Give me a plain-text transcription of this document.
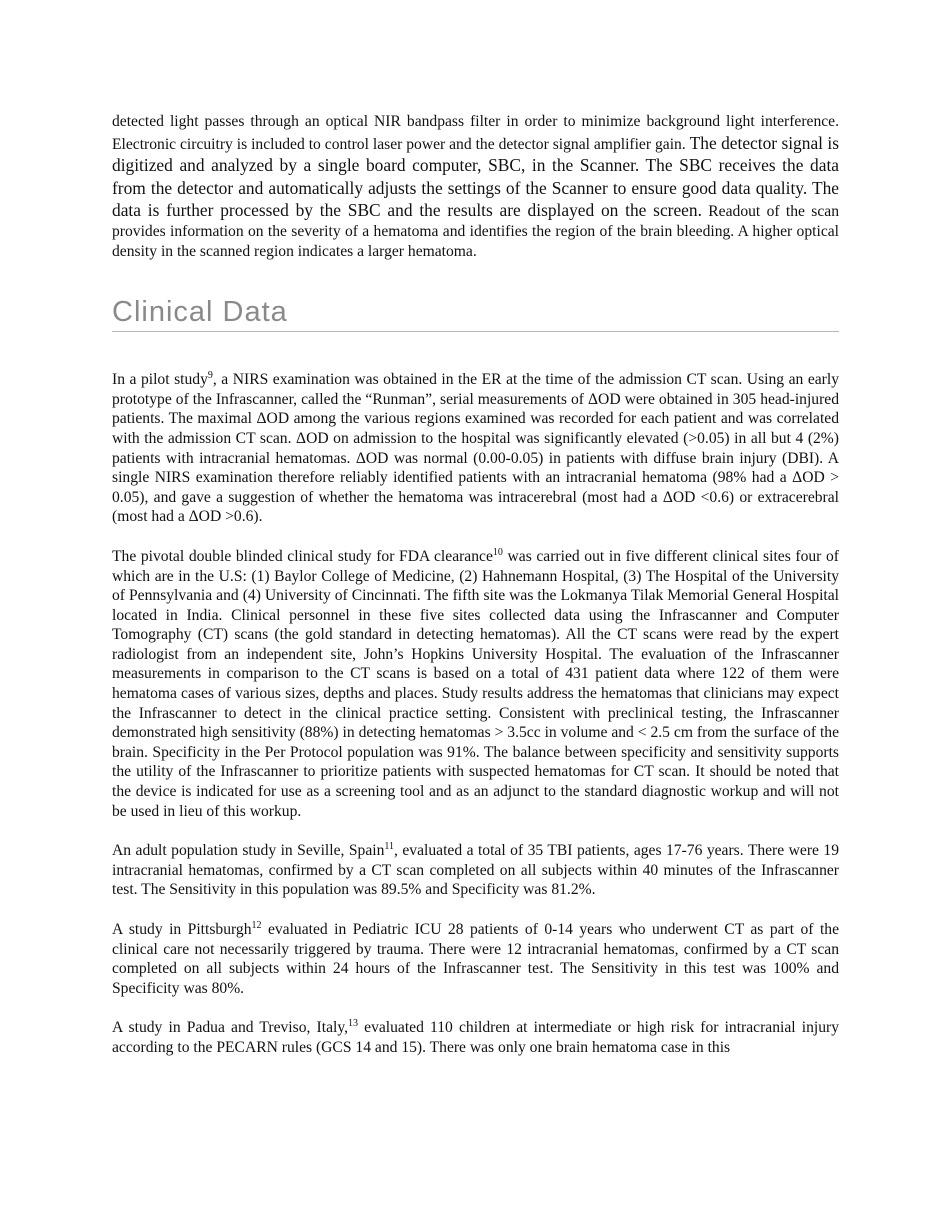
detected light passes through an optical NIR bandpass filter in order to minimize background light interference. Electronic circuitry is included to control laser power and the detector signal amplifier gain. The detector signal is digitized and analyzed by a single board computer, SBC, in the Scanner. The SBC receives the data from the detector and automatically adjusts the settings of the Scanner to ensure good data quality. The data is further processed by the SBC and the results are displayed on the screen. Readout of the scan provides information on the severity of a hematoma and identifies the region of the brain bleeding. A higher optical density in the scanned region indicates a larger hematoma.

Clinical Data

In a pilot study$^9$, a NIRS examination was obtained in the ER at the time of the admission CT scan. Using an early prototype of the Infrascanner, called the “Runman”, serial measurements of ΔOD were obtained in 305 head-injured patients. The maximal ΔOD among the various regions examined was recorded for each patient and was correlated with the admission CT scan. ΔOD on admission to the hospital was significantly elevated (>0.05) in all but 4 (2%) patients with intracranial hematomas. ΔOD was normal (0.00-0.05) in patients with diffuse brain injury (DBI). A single NIRS examination therefore reliably identified patients with an intracranial hematoma (98% had a ΔOD > 0.05), and gave a suggestion of whether the hematoma was intracerebral (most had a ΔOD <0.6) or extracerebral (most had a ΔOD >0.6).

The pivotal double blinded clinical study for FDA clearance$^{10}$ was carried out in five different clinical sites four of which are in the U.S: (1) Baylor College of Medicine, (2) Hahnemann Hospital, (3) The Hospital of the University of Pennsylvania and (4) University of Cincinnati. The fifth site was the Lokmanya Tilak Memorial General Hospital located in India. Clinical personnel in these five sites collected data using the Infrascanner and Computer Tomography (CT) scans (the gold standard in detecting hematomas). All the CT scans were read by the expert radiologist from an independent site, John’s Hopkins University Hospital. The evaluation of the Infrascanner measurements in comparison to the CT scans is based on a total of 431 patient data where 122 of them were hematoma cases of various sizes, depths and places. Study results address the hematomas that clinicians may expect the Infrascanner to detect in the clinical practice setting. Consistent with preclinical testing, the Infrascanner demonstrated high sensitivity (88%) in detecting hematomas > 3.5cc in volume and < 2.5 cm from the surface of the brain. Specificity in the Per Protocol population was 91%. The balance between specificity and sensitivity supports the utility of the Infrascanner to prioritize patients with suspected hematomas for CT scan. It should be noted that the device is indicated for use as a screening tool and as an adjunct to the standard diagnostic workup and will not be used in lieu of this workup.

An adult population study in Seville, Spain$^{11}$, evaluated a total of 35 TBI patients, ages 17-76 years. There were 19 intracranial hematomas, confirmed by a CT scan completed on all subjects within 40 minutes of the Infrascanner test. The Sensitivity in this population was 89.5% and Specificity was 81.2%.

A study in Pittsburgh$^{12}$ evaluated in Pediatric ICU 28 patients of 0-14 years who underwent CT as part of the clinical care not necessarily triggered by trauma. There were 12 intracranial hematomas, confirmed by a CT scan completed on all subjects within 24 hours of the Infrascanner test. The Sensitivity in this test was 100% and Specificity was 80%.

A study in Padua and Treviso, Italy,$^{13}$ evaluated 110 children at intermediate or high risk for intracranial injury according to the PECARN rules (GCS 14 and 15). There was only one brain hematoma case in this
